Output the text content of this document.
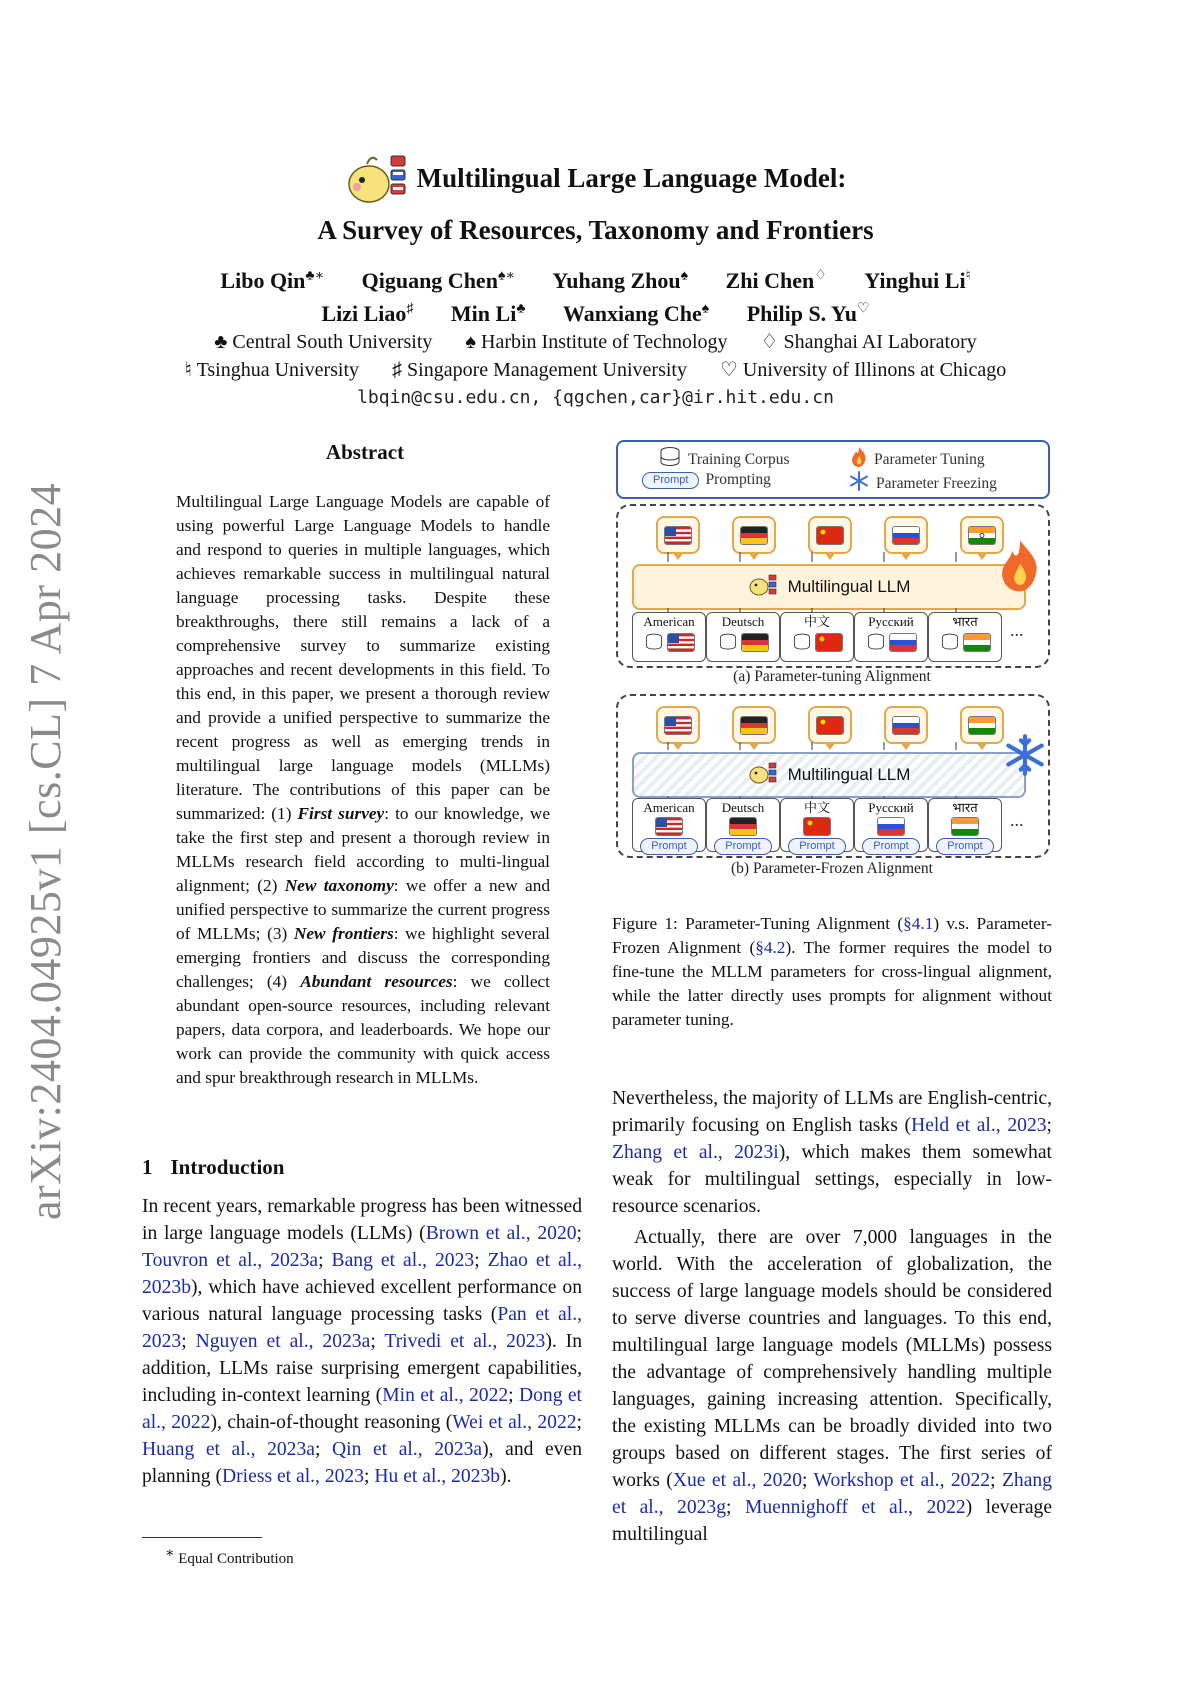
arXiv:2404.04925v1 [cs.CL] 7 Apr 2024
Multilingual Large Language Model:
A Survey of Resources, Taxonomy and Frontiers
Libo Qin♣∗ Qiguang Chen♠∗ Yuhang Zhou♠ Zhi Chen♢ Yinghui Li♮
Lizi Liao♯ Min Li♣ Wanxiang Che♠ Philip S. Yu♡
♣ Central South University ♠ Harbin Institute of Technology ♢ Shanghai AI Laboratory
♮ Tsinghua University ♯ Singapore Management University ♡ University of Illinons at Chicago
lbqin@csu.edu.cn, {qgchen,car}@ir.hit.edu.cn
Abstract
Multilingual Large Language Models are capable of using powerful Large Language Models to handle and respond to queries in multiple languages, which achieves remarkable success in multilingual natural language processing tasks. Despite these breakthroughs, there still remains a lack of a comprehensive survey to summarize existing approaches and recent developments in this field. To this end, in this paper, we present a thorough review and provide a unified perspective to summarize the recent progress as well as emerging trends in multilingual large language models (MLLMs) literature. The contributions of this paper can be summarized: (1) First survey: to our knowledge, we take the first step and present a thorough review in MLLMs research field according to multi-lingual alignment; (2) New taxonomy: we offer a new and unified perspective to summarize the current progress of MLLMs; (3) New frontiers: we highlight several emerging frontiers and discuss the corresponding challenges; (4) Abundant resources: we collect abundant open-source resources, including relevant papers, data corpora, and leaderboards. We hope our work can provide the community with quick access and spur breakthrough research in MLLMs.
1 Introduction

In recent years, remarkable progress has been witnessed in large language models (LLMs) (Brown et al., 2020; Touvron et al., 2023a; Bang et al., 2023; Zhao et al., 2023b), which have achieved excellent performance on various natural language processing tasks (Pan et al., 2023; Nguyen et al., 2023a; Trivedi et al., 2023). In addition, LLMs raise surprising emergent capabilities, including in-context learning (Min et al., 2022; Dong et al., 2022), chain-of-thought reasoning (Wei et al., 2022; Huang et al., 2023a; Qin et al., 2023a), and even planning (Driess et al., 2023; Hu et al., 2023b).

∗ Equal Contribution
Training Corpus
Prompt	Prompting
Parameter Tuning
Parameter Freezing
Multilingual LLM
American	Deutsch	中文	Русский	भारत	...
(a) Parameter-tuning Alignment
Multilingual LLM
American
Prompt
Deutsch
Prompt
中文
Prompt
Русский
Prompt
भारत
Prompt
...
(b) Parameter-Frozen Alignment
Figure 1: Parameter-Tuning Alignment (§4.1) v.s. Parameter-Frozen Alignment (§4.2). The former requires the model to fine-tune the MLLM parameters for cross-lingual alignment, while the latter directly uses prompts for alignment without parameter tuning.

Nevertheless, the majority of LLMs are English-centric, primarily focusing on English tasks (Held et al., 2023; Zhang et al., 2023i), which makes them somewhat weak for multilingual settings, especially in low-resource scenarios.

Actually, there are over 7,000 languages in the world. With the acceleration of globalization, the success of large language models should be considered to serve diverse countries and languages. To this end, multilingual large language models (MLLMs) possess the advantage of comprehensively handling multiple languages, gaining increasing attention. Specifically, the existing MLLMs can be broadly divided into two groups based on different stages. The first series of works (Xue et al., 2020; Workshop et al., 2022; Zhang et al., 2023g; Muennighoff et al., 2022) leverage multilingual
